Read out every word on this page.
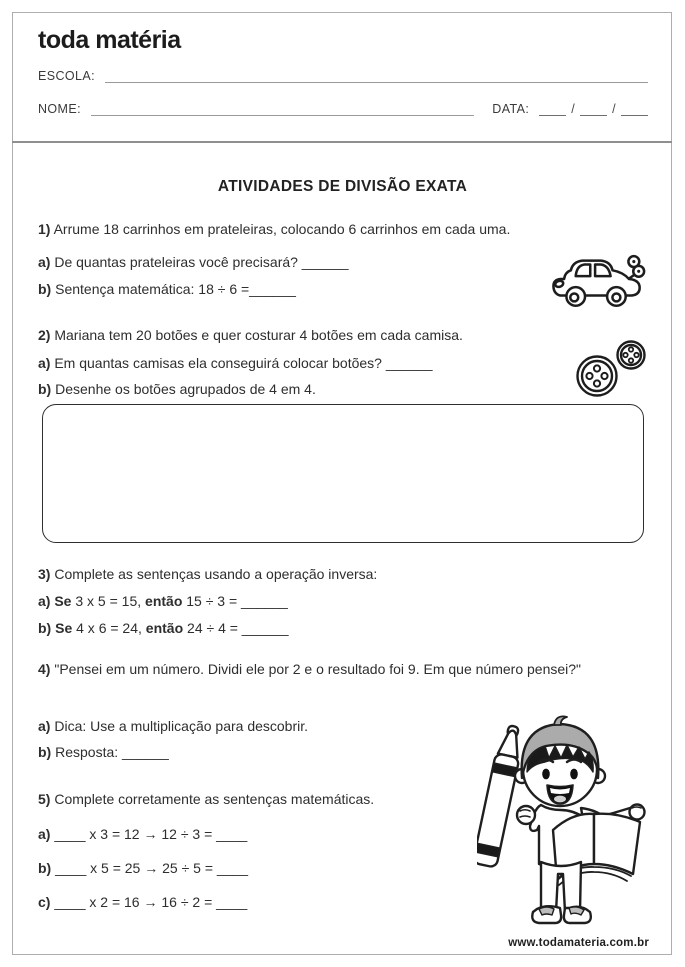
toda matéria
ESCOLA:
NOME:	DATA:	/	/
ATIVIDADES DE DIVISÃO EXATA
1) Arrume 18 carrinhos em prateleiras, colocando 6 carrinhos em cada uma.
a) De quantas prateleiras você precisará? ______
b) Sentença matemática: 18 ÷ 6 =______
2) Mariana tem 20 botões e quer costurar 4 botões em cada camisa.
a) Em quantas camisas ela conseguirá colocar botões? ______
b) Desenhe os botões agrupados de 4 em 4.
3) Complete as sentenças usando a operação inversa:
a) Se 3 x 5 = 15, então 15 ÷ 3 = ______
b) Se 4 x 6 = 24, então 24 ÷ 4 = ______
4) "Pensei em um número. Dividi ele por 2 e o resultado foi 9. Em que número pensei?"
a) Dica: Use a multiplicação para descobrir.
b) Resposta: ______
5) Complete corretamente as sentenças matemáticas.
a) ____ x 3 = 12 → 12 ÷ 3 = ____
b) ____ x 5 = 25 → 25 ÷ 5 = ____
c) ____ x 2 = 16 → 16 ÷ 2 = ____
www.todamateria.com.br
